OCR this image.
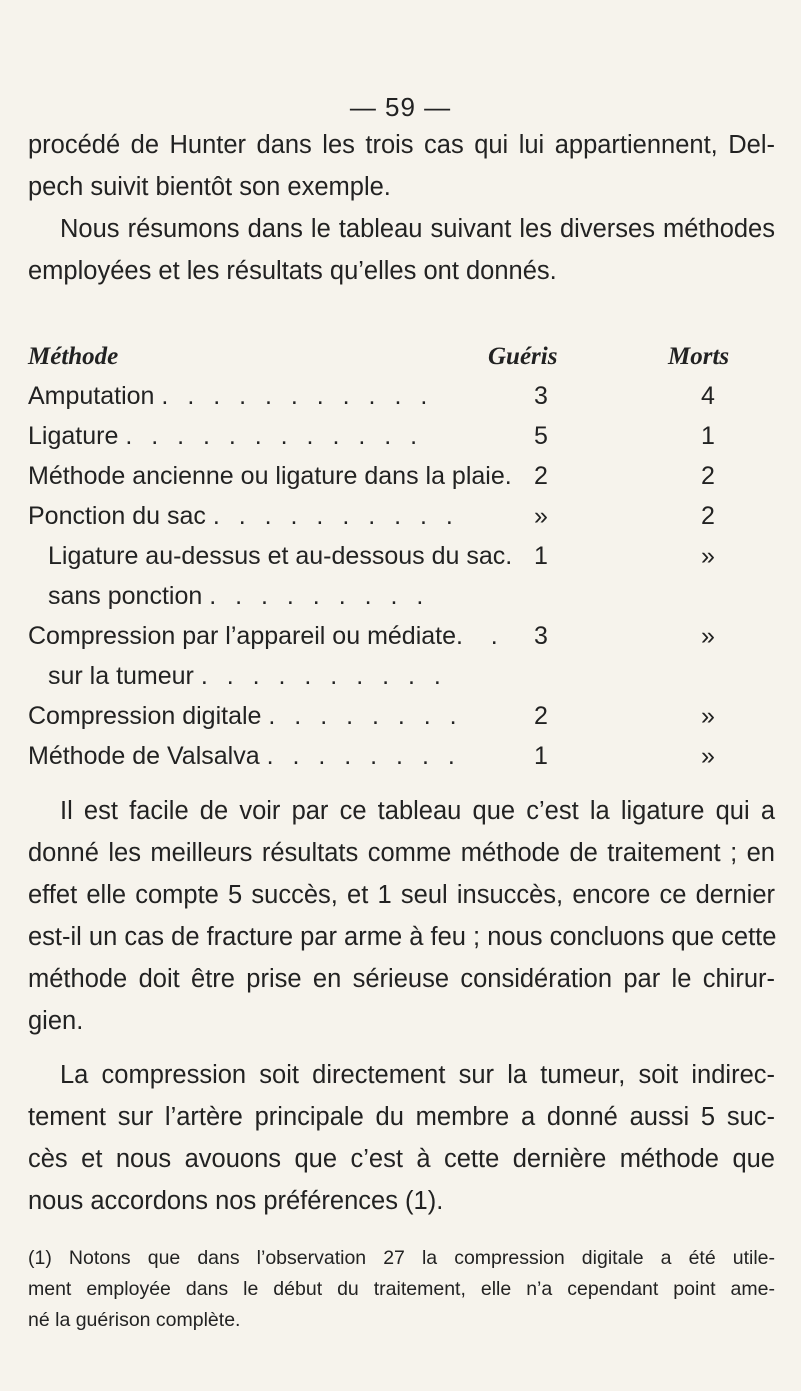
— 59 —
procédé de Hunter dans les trois cas qui lui appartiennent, Del-
pech suivit bientôt son exemple.
Nous résumons dans le tableau suivant les diverses méthodes
employées et les résultats qu’elles ont donnés.
Méthode	Guéris	Morts
Amputation . . . . . . . . . . .	3	4
Ligature . . . . . . . . . . . .	5	1
Méthode ancienne ou ligature dans la plaie. 2	2
Ponction du sac . . . . . . . . . .	»	2
Ligature au-dessus et au-dessous du sac. 1	»
sans ponction . . . . . . . . .
Compression par l’appareil ou médiate. .	3	»
sur la tumeur . . . . . . . . . .
Compression digitale . . . . . . . .	2	»
Méthode de Valsalva . . . . . . . .	1	»
Il est facile de voir par ce tableau que c’est la ligature qui a
donné les meilleurs résultats comme méthode de traitement ; en
effet elle compte 5 succès, et 1 seul insuccès, encore ce dernier
est-il un cas de fracture par arme à feu ; nous concluons que cette
méthode doit être prise en sérieuse considération par le chirur-
gien.
La compression soit directement sur la tumeur, soit indirec-
tement sur l’artère principale du membre a donné aussi 5 suc-
cès et nous avouons que c’est à cette dernière méthode que
nous accordons nos préférences (1).
(1) Notons que dans l’observation 27 la compression digitale a été utile-
ment employée dans le début du traitement, elle n’a cependant point ame-
né la guérison complète.
